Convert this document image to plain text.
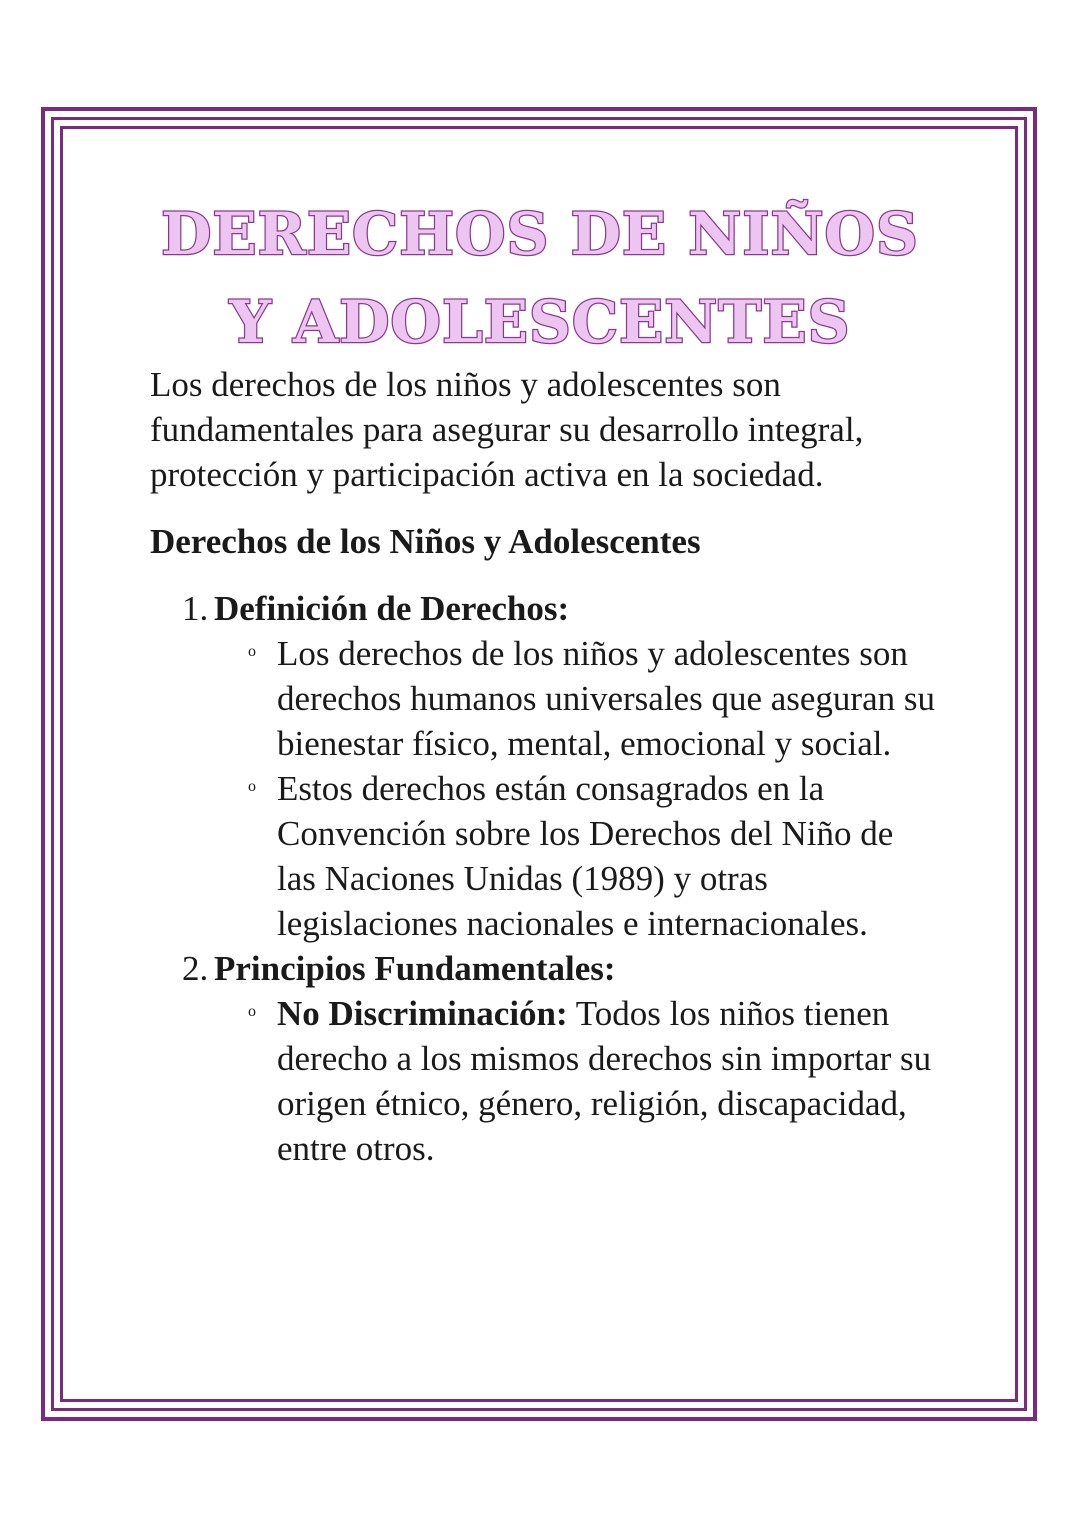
DERECHOS DE NIÑOS
Y ADOLESCENTES

Los derechos de los niños y adolescentes son fundamentales para asegurar su desarrollo integral, protección y participación activa en la sociedad.

Derechos de los Niños y Adolescentes

1. Definición de Derechos:
o Los derechos de los niños y adolescentes son derechos humanos universales que aseguran su bienestar físico, mental, emocional y social.
o Estos derechos están consagrados en la Convención sobre los Derechos del Niño de las Naciones Unidas (1989) y otras legislaciones nacionales e internacionales.
2. Principios Fundamentales:
o No Discriminación: Todos los niños tienen derecho a los mismos derechos sin importar su origen étnico, género, religión, discapacidad, entre otros.
